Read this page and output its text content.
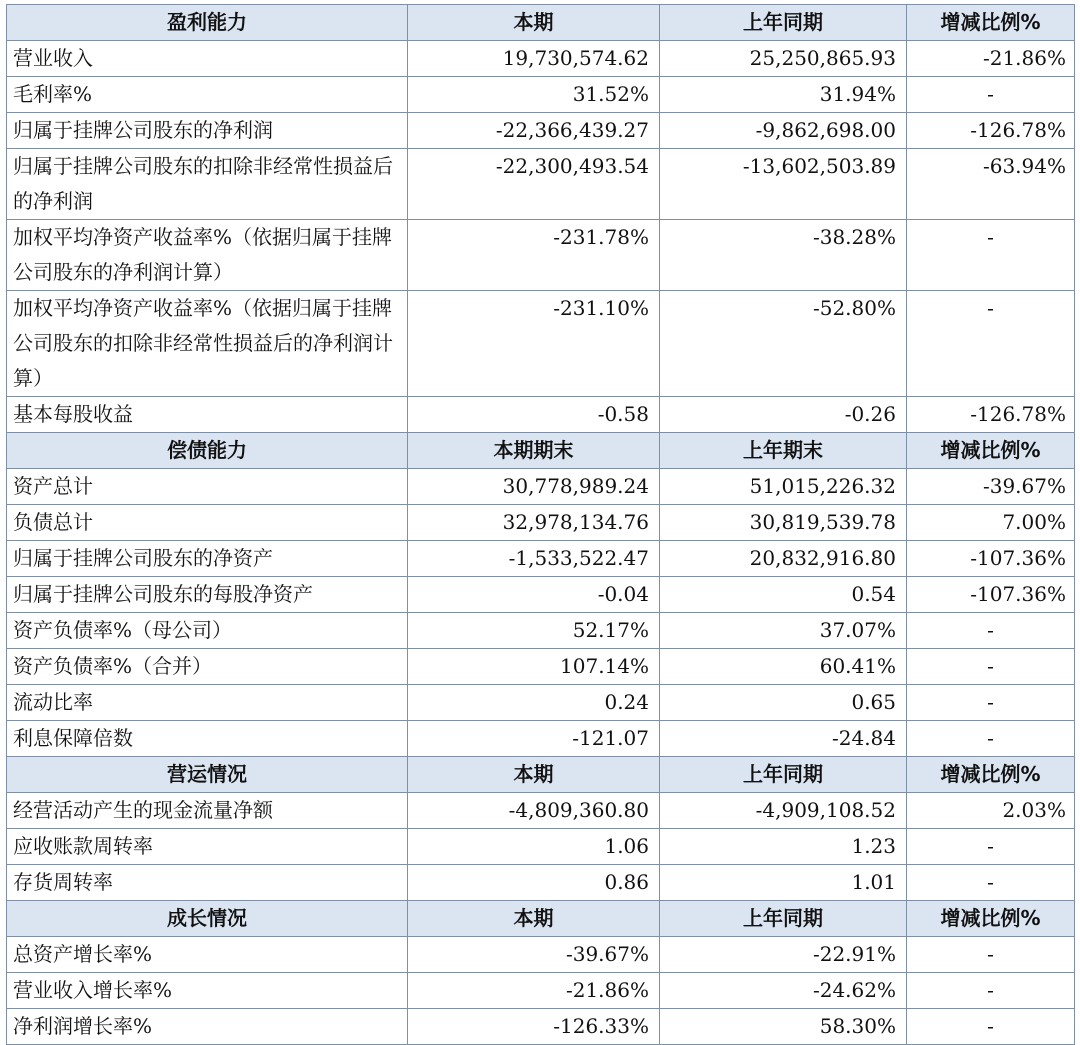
盈利能力	本期	上年同期	增减比例%
营业收入	19,730,574.62	25,250,865.93	-21.86%
毛利率%	31.52%	31.94%	-
归属于挂牌公司股东的净利润	-22,366,439.27	-9,862,698.00	-126.78%
归属于挂牌公司股东的扣除非经常性损益后的净利润	-22,300,493.54	-13,602,503.89	-63.94%
加权平均净资产收益率%（依据归属于挂牌公司股东的净利润计算）	-231.78%	-38.28%	-
加权平均净资产收益率%（依据归属于挂牌公司股东的扣除非经常性损益后的净利润计算）	-231.10%	-52.80%	-
基本每股收益	-0.58	-0.26	-126.78%
偿债能力	本期期末	上年期末	增减比例%
资产总计	30,778,989.24	51,015,226.32	-39.67%
负债总计	32,978,134.76	30,819,539.78	7.00%
归属于挂牌公司股东的净资产	-1,533,522.47	20,832,916.80	-107.36%
归属于挂牌公司股东的每股净资产	-0.04	0.54	-107.36%
资产负债率%（母公司）	52.17%	37.07%	-
资产负债率%（合并）	107.14%	60.41%	-
流动比率	0.24	0.65	-
利息保障倍数	-121.07	-24.84	-
营运情况	本期	上年同期	增减比例%
经营活动产生的现金流量净额	-4,809,360.80	-4,909,108.52	2.03%
应收账款周转率	1.06	1.23	-
存货周转率	0.86	1.01	-
成长情况	本期	上年同期	增减比例%
总资产增长率%	-39.67%	-22.91%	-
营业收入增长率%	-21.86%	-24.62%	-
净利润增长率%	-126.33%	58.30%	-
